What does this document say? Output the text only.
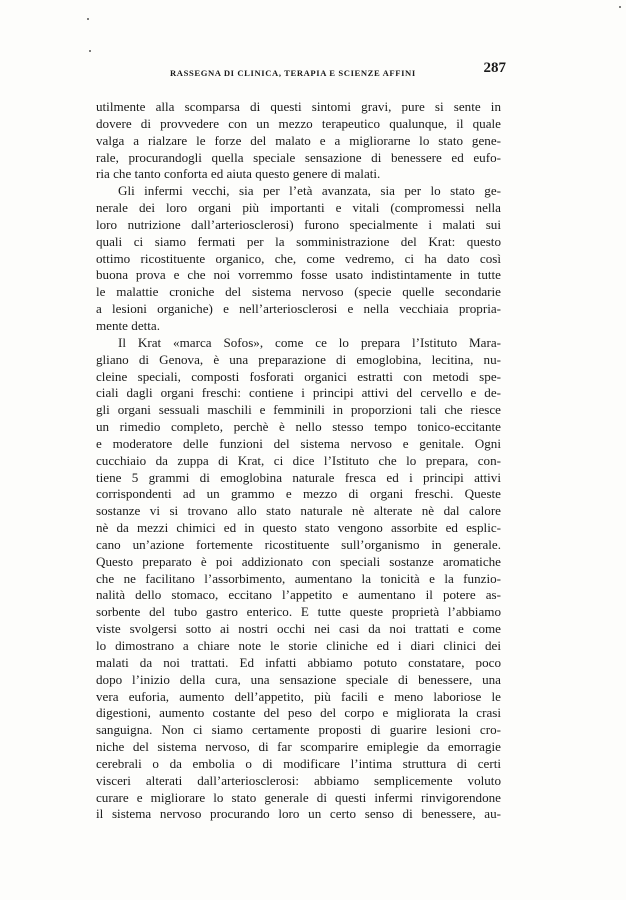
RASSEGNA DI CLINICA, TERAPIA E SCIENZE AFFINI	287
utilmente alla scomparsa di questi sintomi gravi, pure si sente in
dovere di provvedere con un mezzo terapeutico qualunque, il quale
valga a rialzare le forze del malato e a migliorarne lo stato gene-
rale, procurandogli quella speciale sensazione di benessere ed eufo-
ria che tanto conforta ed aiuta questo genere di malati.
Gli infermi vecchi, sia per l’età avanzata, sia per lo stato ge-
nerale dei loro organi più importanti e vitali (compromessi nella
loro nutrizione dall’arteriosclerosi) furono specialmente i malati sui
quali ci siamo fermati per la somministrazione del Krat: questo
ottimo ricostituente organico, che, come vedremo, ci ha dato così
buona prova e che noi vorremmo fosse usato indistintamente in tutte
le malattie croniche del sistema nervoso (specie quelle secondarie
a lesioni organiche) e nell’arteriosclerosi e nella vecchiaia propria-
mente detta.
Il Krat «marca Sofos», come ce lo prepara l’Istituto Mara-
gliano di Genova, è una preparazione di emoglobina, lecitina, nu-
cleine speciali, composti fosforati organici estratti con metodi spe-
ciali dagli organi freschi: contiene i principi attivi del cervello e de-
gli organi sessuali maschili e femminili in proporzioni tali che riesce
un rimedio completo, perchè è nello stesso tempo tonico-eccitante
e moderatore delle funzioni del sistema nervoso e genitale. Ogni
cucchiaio da zuppa di Krat, ci dice l’Istituto che lo prepara, con-
tiene 5 grammi di emoglobina naturale fresca ed i principi attivi
corrispondenti ad un grammo e mezzo di organi freschi. Queste
sostanze vi si trovano allo stato naturale nè alterate nè dal calore
nè da mezzi chimici ed in questo stato vengono assorbite ed esplic-
cano un’azione fortemente ricostituente sull’organismo in generale.
Questo preparato è poi addizionato con speciali sostanze aromatiche
che ne facilitano l’assorbimento, aumentano la tonicità e la funzio-
nalità dello stomaco, eccitano l’appetito e aumentano il potere as-
sorbente del tubo gastro enterico. E tutte queste proprietà l’abbiamo
viste svolgersi sotto ai nostri occhi nei casi da noi trattati e come
lo dimostrano a chiare note le storie cliniche ed i diari clinici dei
malati da noi trattati. Ed infatti abbiamo potuto constatare, poco
dopo l’inizio della cura, una sensazione speciale di benessere, una
vera euforia, aumento dell’appetito, più facili e meno laboriose le
digestioni, aumento costante del peso del corpo e migliorata la crasi
sanguigna. Non ci siamo certamente proposti di guarire lesioni cro-
niche del sistema nervoso, di far scomparire emiplegie da emorragie
cerebrali o da embolia o di modificare l’intima struttura di certi
visceri alterati dall’arteriosclerosi: abbiamo semplicemente voluto
curare e migliorare lo stato generale di questi infermi rinvigorendone
il sistema nervoso procurando loro un certo senso di benessere, au-
